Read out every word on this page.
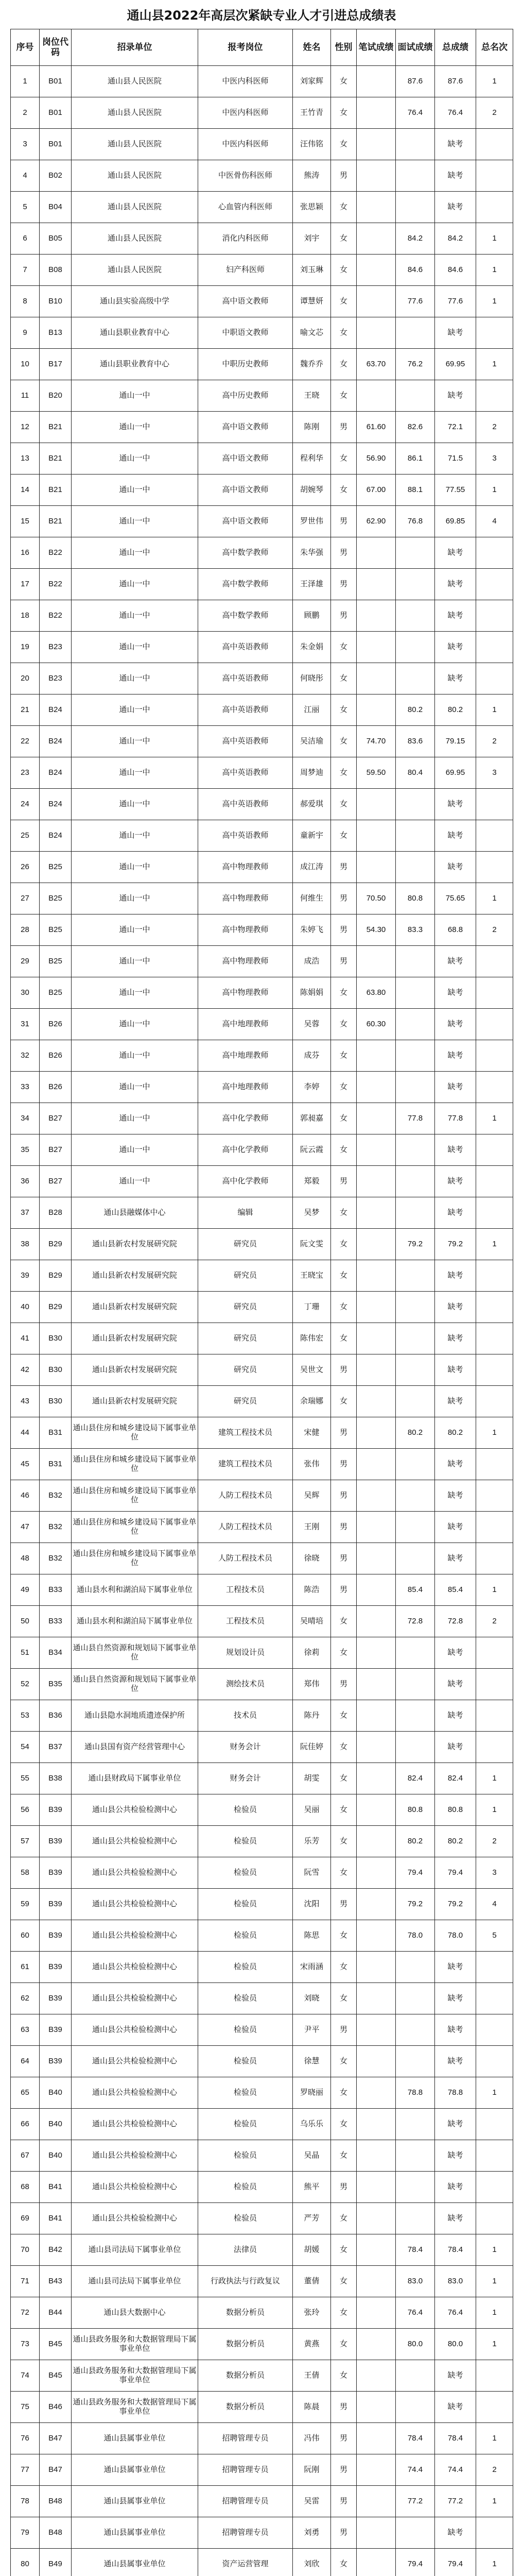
通山县2022年高层次紧缺专业人才引进总成绩表
序号	岗位代码	招录单位	报考岗位	姓名	性别	笔试成绩	面试成绩	总成绩	总名次
1	B01	通山县人民医院	中医内科医师	刘家辉	女		87.6	87.6	1
2	B01	通山县人民医院	中医内科医师	王竹青	女		76.4	76.4	2
3	B01	通山县人民医院	中医内科医师	汪伟铭	女			缺考	
4	B02	通山县人民医院	中医骨伤科医师	熊涛	男			缺考	
5	B04	通山县人民医院	心血管内科医师	张思颖	女			缺考	
6	B05	通山县人民医院	消化内科医师	刘宇	女		84.2	84.2	1
7	B08	通山县人民医院	妇产科医师	刘玉琳	女		84.6	84.6	1
8	B10	通山县实验高级中学	高中语文教师	谭慧妍	女		77.6	77.6	1
9	B13	通山县职业教育中心	中职语文教师	喻文芯	女			缺考	
10	B17	通山县职业教育中心	中职历史教师	魏乔乔	女	63.70	76.2	69.95	1
11	B20	通山一中	高中历史教师	王晓	女			缺考	
12	B21	通山一中	高中语文教师	陈刚	男	61.60	82.6	72.1	2
13	B21	通山一中	高中语文教师	程利华	女	56.90	86.1	71.5	3
14	B21	通山一中	高中语文教师	胡婉琴	女	67.00	88.1	77.55	1
15	B21	通山一中	高中语文教师	罗世伟	男	62.90	76.8	69.85	4
16	B22	通山一中	高中数学教师	朱华强	男			缺考	
17	B22	通山一中	高中数学教师	王泽雄	男			缺考	
18	B22	通山一中	高中数学教师	顾鹏	男			缺考	
19	B23	通山一中	高中英语教师	朱金娟	女			缺考	
20	B23	通山一中	高中英语教师	何晓彤	女			缺考	
21	B24	通山一中	高中英语教师	江丽	女		80.2	80.2	1
22	B24	通山一中	高中英语教师	吴洁瑜	女	74.70	83.6	79.15	2
23	B24	通山一中	高中英语教师	周梦迪	女	59.50	80.4	69.95	3
24	B24	通山一中	高中英语教师	郝爱琪	女			缺考	
25	B24	通山一中	高中英语教师	童新宇	女			缺考	
26	B25	通山一中	高中物理教师	成江涛	男			缺考	
27	B25	通山一中	高中物理教师	何维生	男	70.50	80.8	75.65	1
28	B25	通山一中	高中物理教师	朱婷飞	男	54.30	83.3	68.8	2
29	B25	通山一中	高中物理教师	成浩	男			缺考	
30	B25	通山一中	高中物理教师	陈娟娟	女	63.80		缺考	
31	B26	通山一中	高中地理教师	吴蓉	女	60.30		缺考	
32	B26	通山一中	高中地理教师	成芬	女			缺考	
33	B26	通山一中	高中地理教师	李婷	女			缺考	
34	B27	通山一中	高中化学教师	郭昶嘉	女		77.8	77.8	1
35	B27	通山一中	高中化学教师	阮云霞	女			缺考	
36	B27	通山一中	高中化学教师	郑毅	男			缺考	
37	B28	通山县融媒体中心	编辑	吴梦	女			缺考	
38	B29	通山县新农村发展研究院	研究员	阮文雯	女		79.2	79.2	1
39	B29	通山县新农村发展研究院	研究员	王晓宝	女			缺考	
40	B29	通山县新农村发展研究院	研究员	丁珊	女			缺考	
41	B30	通山县新农村发展研究院	研究员	陈伟宏	女			缺考	
42	B30	通山县新农村发展研究院	研究员	吴世文	男			缺考	
43	B30	通山县新农村发展研究院	研究员	余瑞娜	女			缺考	
44	B31	通山县住房和城乡建设局下属事业单位	建筑工程技术员	宋健	男		80.2	80.2	1
45	B31	通山县住房和城乡建设局下属事业单位	建筑工程技术员	张伟	男			缺考	
46	B32	通山县住房和城乡建设局下属事业单位	人防工程技术员	吴辉	男			缺考	
47	B32	通山县住房和城乡建设局下属事业单位	人防工程技术员	王刚	男			缺考	
48	B32	通山县住房和城乡建设局下属事业单位	人防工程技术员	徐晓	男			缺考	
49	B33	通山县水利和湖泊局下属事业单位	工程技术员	陈浩	男		85.4	85.4	1
50	B33	通山县水利和湖泊局下属事业单位	工程技术员	吴晴培	女		72.8	72.8	2
51	B34	通山县自然资源和规划局下属事业单位	规划设计员	徐莉	女			缺考	
52	B35	通山县自然资源和规划局下属事业单位	测绘技术员	郑伟	男			缺考	
53	B36	通山县隐水洞地质遗迹保护所	技术员	陈丹	女			缺考	
54	B37	通山县国有资产经营管理中心	财务会计	阮佳婷	女			缺考	
55	B38	通山县财政局下属事业单位	财务会计	胡雯	女		82.4	82.4	1
56	B39	通山县公共检验检测中心	检验员	吴丽	女		80.8	80.8	1
57	B39	通山县公共检验检测中心	检验员	乐芳	女		80.2	80.2	2
58	B39	通山县公共检验检测中心	检验员	阮雪	女		79.4	79.4	3
59	B39	通山县公共检验检测中心	检验员	沈阳	男		79.2	79.2	4
60	B39	通山县公共检验检测中心	检验员	陈思	女		78.0	78.0	5
61	B39	通山县公共检验检测中心	检验员	宋雨涵	女			缺考	
62	B39	通山县公共检验检测中心	检验员	刘晓	女			缺考	
63	B39	通山县公共检验检测中心	检验员	尹平	男			缺考	
64	B39	通山县公共检验检测中心	检验员	徐慧	女			缺考	
65	B40	通山县公共检验检测中心	检验员	罗晓丽	女		78.8	78.8	1
66	B40	通山县公共检验检测中心	检验员	乌乐乐	女			缺考	
67	B40	通山县公共检验检测中心	检验员	吴晶	女			缺考	
68	B41	通山县公共检验检测中心	检验员	熊平	男			缺考	
69	B41	通山县公共检验检测中心	检验员	严芳	女			缺考	
70	B42	通山县司法局下属事业单位	法律员	胡媛	女		78.4	78.4	1
71	B43	通山县司法局下属事业单位	行政执法与行政复议	董倩	女		83.0	83.0	1
72	B44	通山县大数据中心	数据分析员	张玲	女		76.4	76.4	1
73	B45	通山县政务服务和大数据管理局下属事业单位	数据分析员	黄燕	女		80.0	80.0	1
74	B45	通山县政务服务和大数据管理局下属事业单位	数据分析员	王倩	女			缺考	
75	B46	通山县政务服务和大数据管理局下属事业单位	数据分析员	陈晨	男			缺考	
76	B47	通山县属事业单位	招聘管理专员	冯伟	男		78.4	78.4	1
77	B47	通山县属事业单位	招聘管理专员	阮刚	男		74.4	74.4	2
78	B48	通山县属事业单位	招聘管理专员	吴雷	男		77.2	77.2	1
79	B48	通山县属事业单位	招聘管理专员	刘勇	男			缺考	
80	B49	通山县属事业单位	资产运营管理	刘欣	女		79.4	79.4	1
